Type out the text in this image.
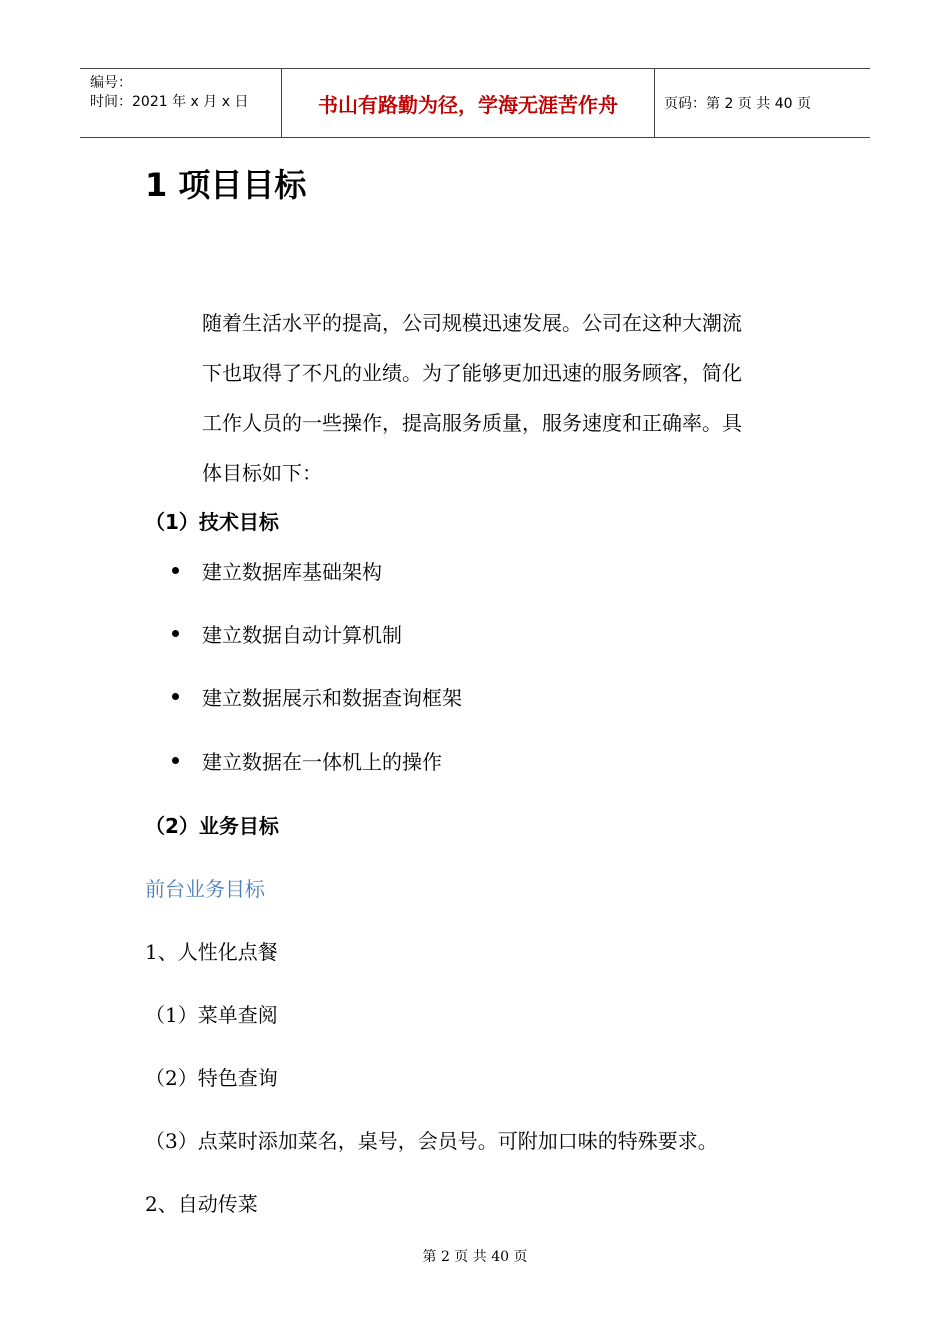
编号：
时间：2021 年 x 月 x 日	书山有路勤为径，学海无涯苦作舟	页码：第 2 页 共 40 页
1 项目目标
随着生活水平的提高，公司规模迅速发展。公司在这种大潮流
下也取得了不凡的业绩。为了能够更加迅速的服务顾客，简化
工作人员的一些操作，提高服务质量，服务速度和正确率。具
体目标如下：
（1）技术目标
建立数据库基础架构
建立数据自动计算机制
建立数据展示和数据查询框架
建立数据在一体机上的操作
（2）业务目标
前台业务目标
1、人性化点餐
（1）菜单查阅
（2）特色查询
（3）点菜时添加菜名，桌号，会员号。可附加口味的特殊要求。
2、自动传菜
第 2 页 共 40 页
